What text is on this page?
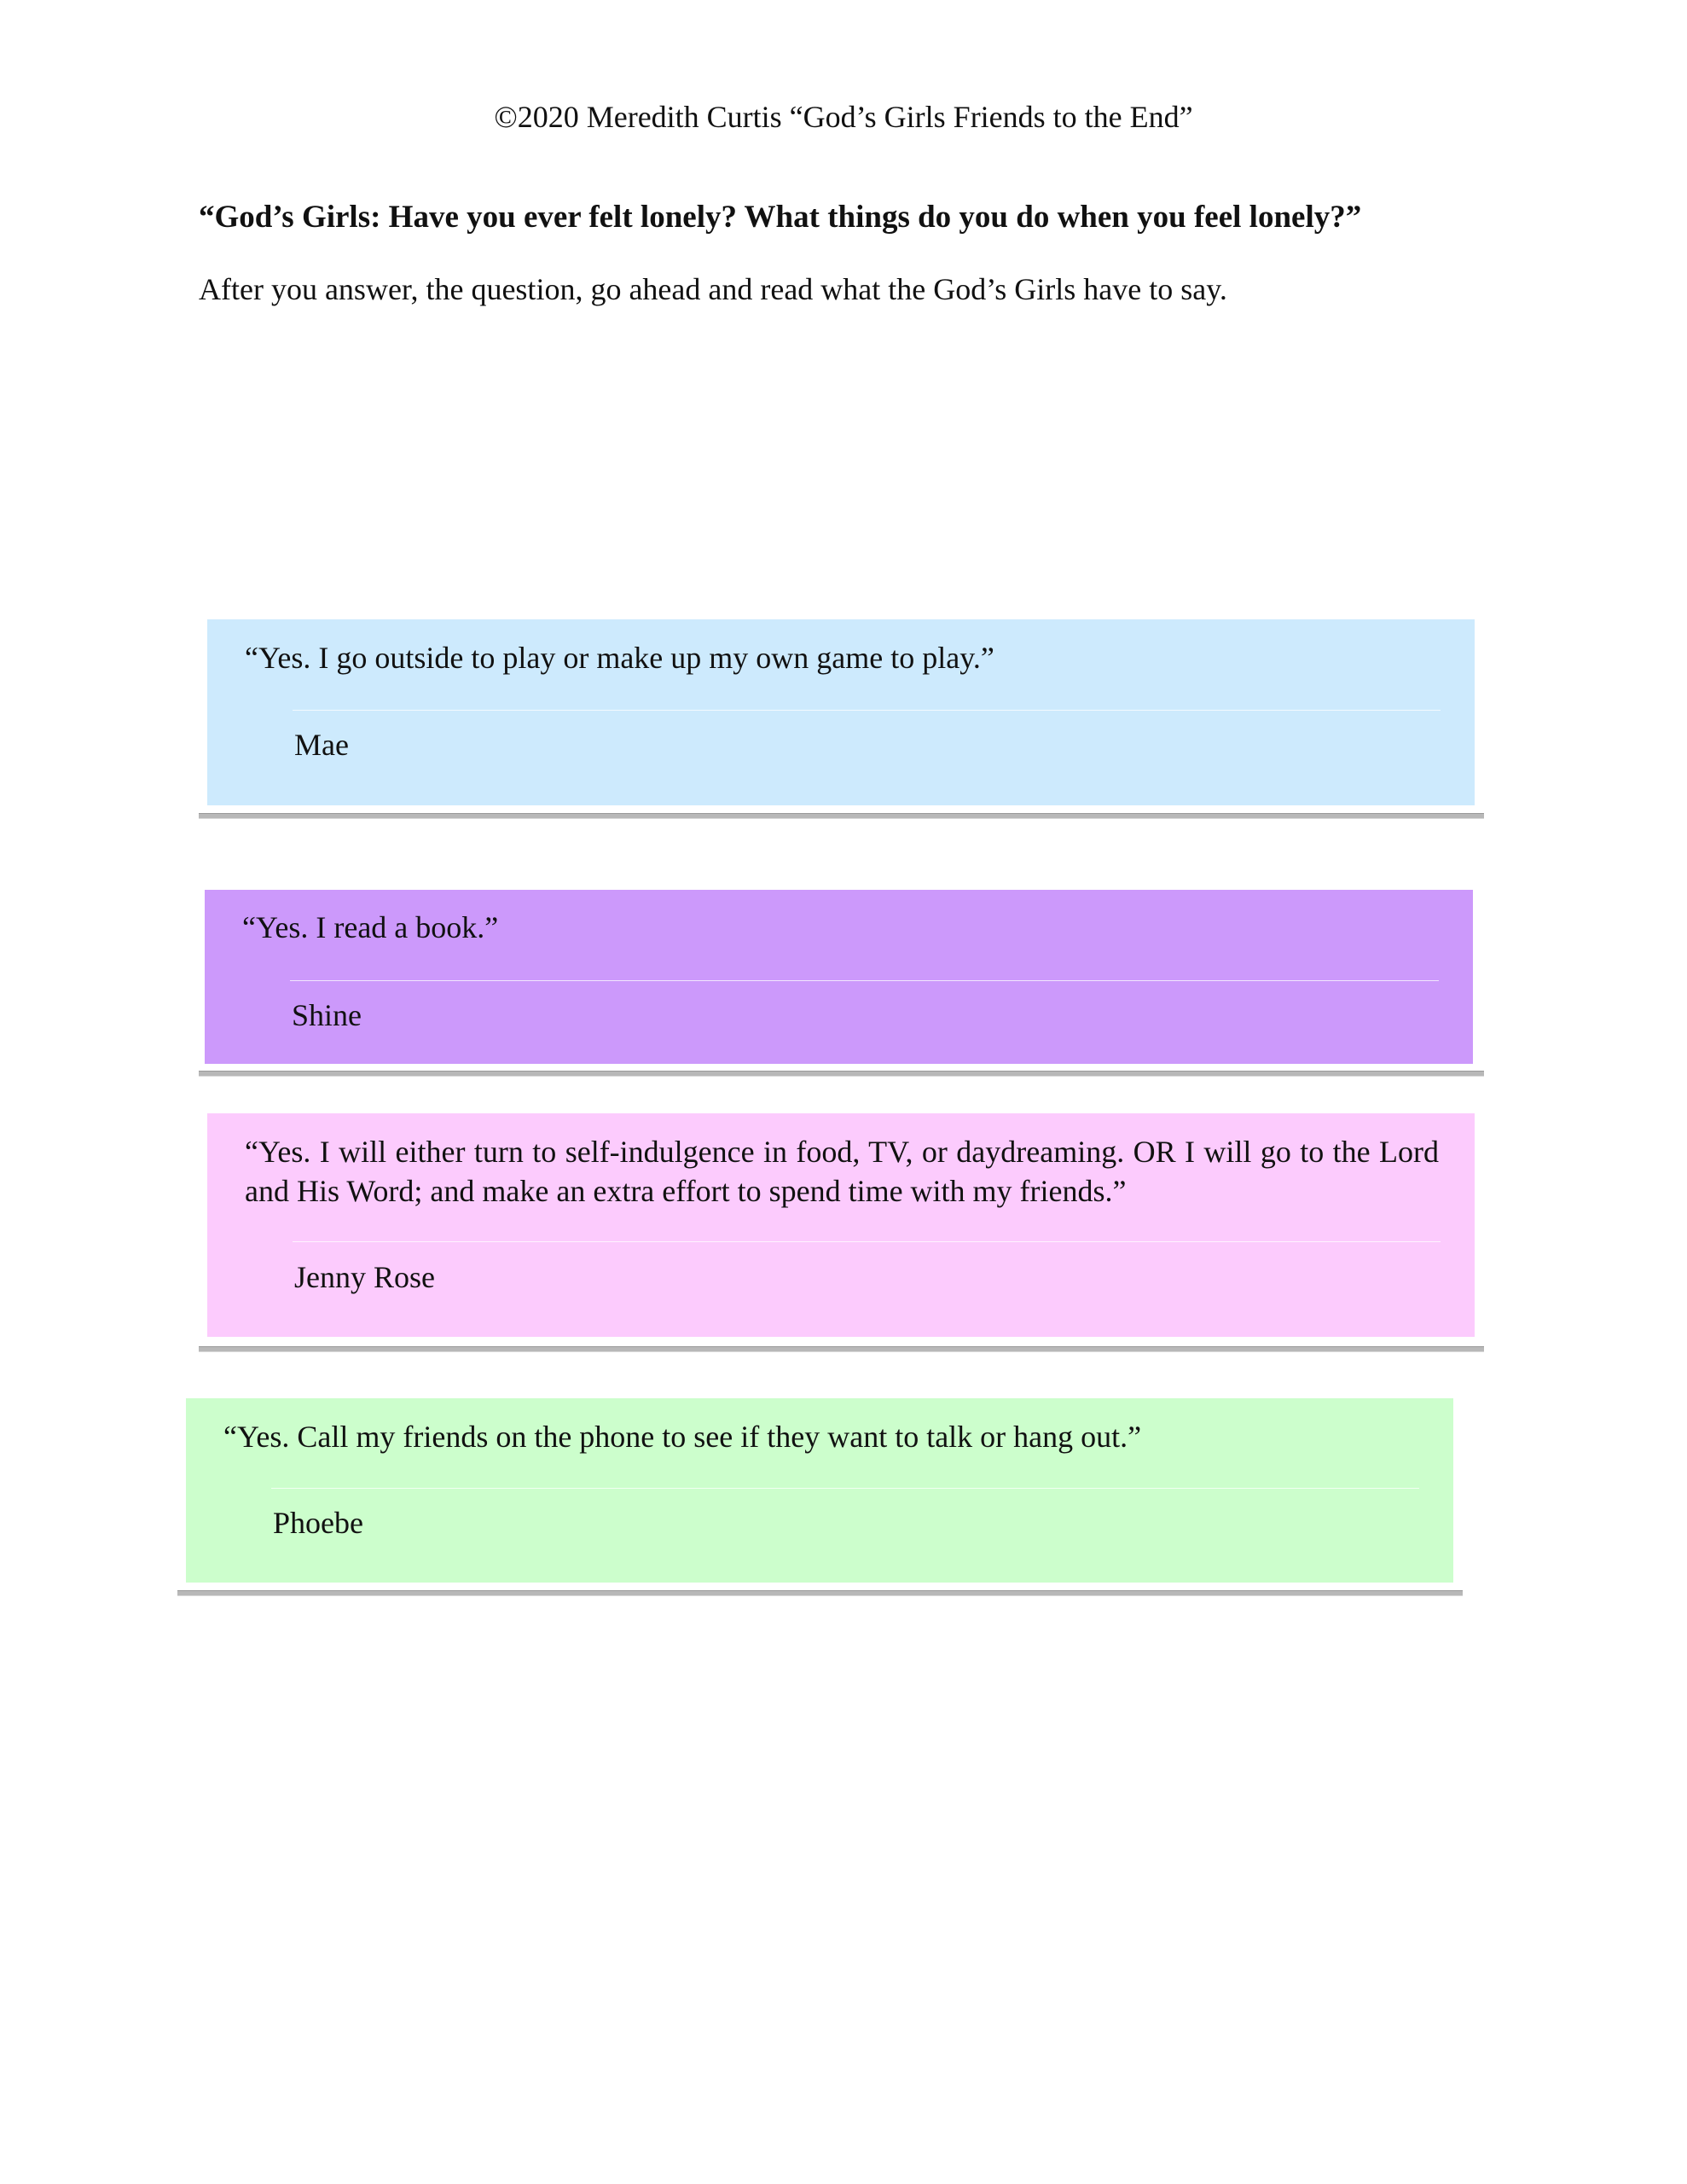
©2020 Meredith Curtis “God’s Girls Friends to the End”
“God’s Girls: Have you ever felt lonely? What things do you do when you feel lonely?”
After you answer, the question, go ahead and read what the God’s Girls have to say.
“Yes. I go outside to play or make up my own game to play.”
Mae
“Yes. I read a book.”
Shine
“Yes. I will either turn to self-indulgence in food, TV, or daydreaming. OR I will go to the Lord and His Word; and make an extra effort to spend time with my friends.”
Jenny Rose
“Yes. Call my friends on the phone to see if they want to talk or hang out.”
Phoebe
